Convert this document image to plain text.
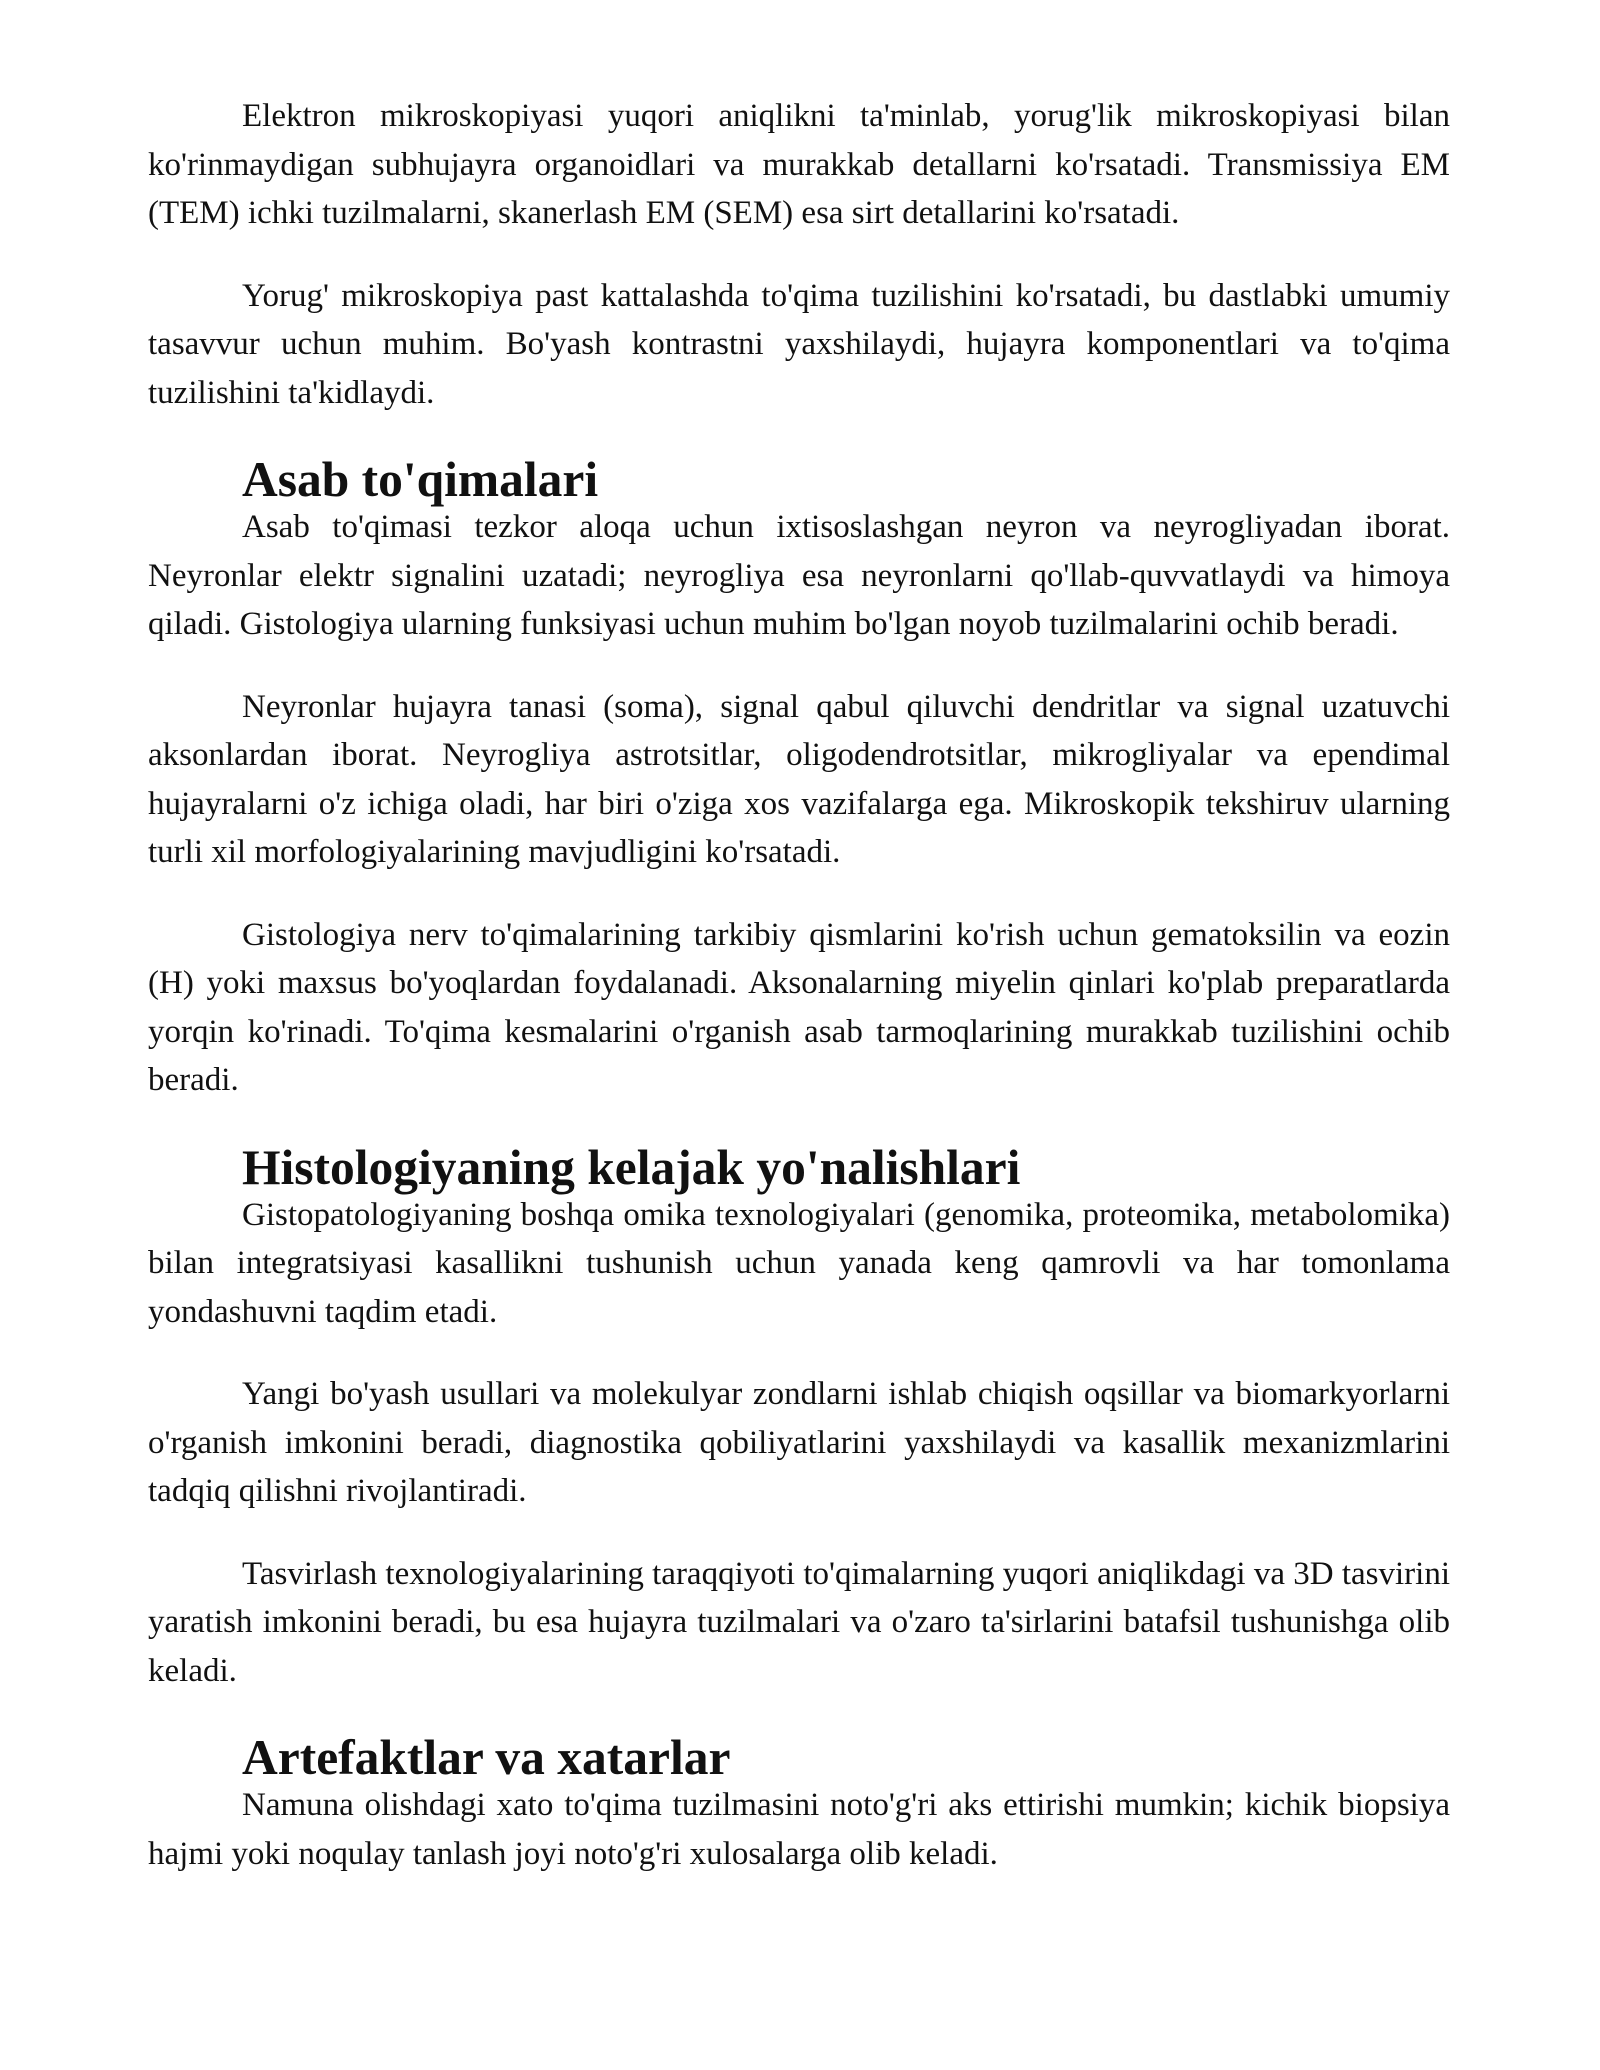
Elektron mikroskopiyasi yuqori aniqlikni ta'minlab, yorug'lik mikroskopiyasi bilan ko'rinmaydigan subhujayra organoidlari va murakkab detallarni ko'rsatadi. Transmissiya EM (TEM) ichki tuzilmalarni, skanerlash EM (SEM) esa sirt detallarini ko'rsatadi.

Yorug' mikroskopiya past kattalashda to'qima tuzilishini ko'rsatadi, bu dastlabki umumiy tasavvur uchun muhim. Bo'yash kontrastni yaxshilaydi, hujayra komponentlari va to'qima tuzilishini ta'kidlaydi.

Asab to'qimalari

Asab to'qimasi tezkor aloqa uchun ixtisoslashgan neyron va neyrogliyadan iborat. Neyronlar elektr signalini uzatadi; neyrogliya esa neyronlarni qo'llab-quvvatlaydi va himoya qiladi. Gistologiya ularning funksiyasi uchun muhim bo'lgan noyob tuzilmalarini ochib beradi.

Neyronlar hujayra tanasi (soma), signal qabul qiluvchi dendritlar va signal uzatuvchi aksonlardan iborat. Neyrogliya astrotsitlar, oligodendrotsitlar, mikrogliyalar va ependimal hujayralarni o'z ichiga oladi, har biri o'ziga xos vazifalarga ega. Mikroskopik tekshiruv ularning turli xil morfologiyalarining mavjudligini ko'rsatadi.

Gistologiya nerv to'qimalarining tarkibiy qismlarini ko'rish uchun gematoksilin va eozin (H) yoki maxsus bo'yoqlardan foydalanadi. Aksonalarning miyelin qinlari ko'plab preparatlarda yorqin ko'rinadi. To'qima kesmalarini o'rganish asab tarmoqlarining murakkab tuzilishini ochib beradi.

Histologiyaning kelajak yo'nalishlari

Gistopatologiyaning boshqa omika texnologiyalari (genomika, proteomika, metabolomika) bilan integratsiyasi kasallikni tushunish uchun yanada keng qamrovli va har tomonlama yondashuvni taqdim etadi.

Yangi bo'yash usullari va molekulyar zondlarni ishlab chiqish oqsillar va biomarkyorlarni o'rganish imkonini beradi, diagnostika qobiliyatlarini yaxshilaydi va kasallik mexanizmlarini tadqiq qilishni rivojlantiradi.

Tasvirlash texnologiyalarining taraqqiyoti to'qimalarning yuqori aniqlikdagi va 3D tasvirini yaratish imkonini beradi, bu esa hujayra tuzilmalari va o'zaro ta'sirlarini batafsil tushunishga olib keladi.

Artefaktlar va xatarlar

Namuna olishdagi xato to'qima tuzilmasini noto'g'ri aks ettirishi mumkin; kichik biopsiya hajmi yoki noqulay tanlash joyi noto'g'ri xulosalarga olib keladi.
